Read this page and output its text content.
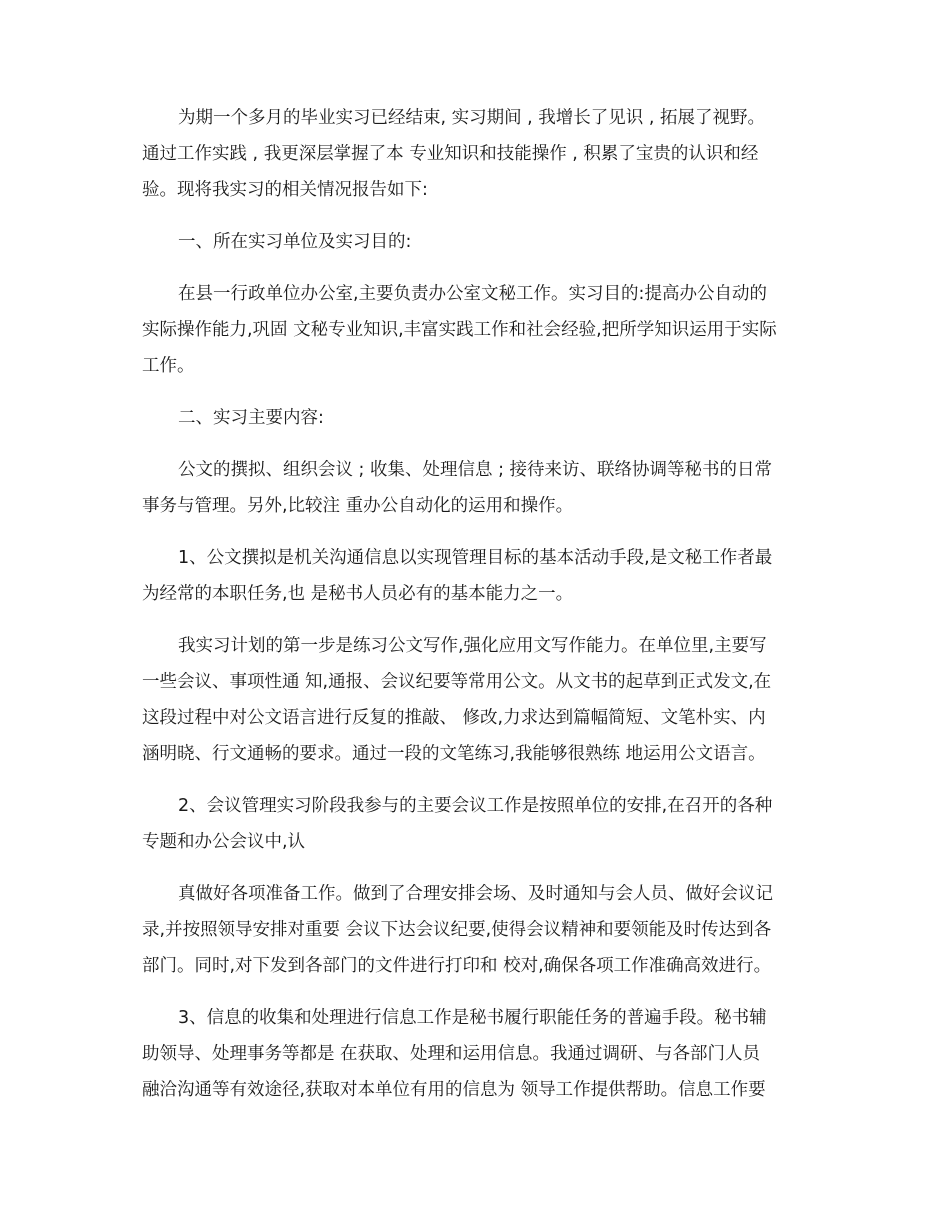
为期一个多月的毕业实习已经结束, 实习期间 , 我增长了见识 , 拓展了视野。
通过工作实践 , 我更深层掌握了本 专业知识和技能操作 , 积累了宝贵的认识和经
验。现将我实习的相关情况报告如下:
一、所在实习单位及实习目的:
在县一行政单位办公室,主要负责办公室文秘工作。实习目的:提高办公自动的
实际操作能力,巩固 文秘专业知识,丰富实践工作和社会经验,把所学知识运用于实际
工作。
二、实习主要内容:
公文的撰拟、组织会议 ; 收集、处理信息 ; 接待来访、联络协调等秘书的日常
事务与管理。另外,比较注 重办公自动化的运用和操作。
1、公文撰拟是机关沟通信息以实现管理目标的基本活动手段,是文秘工作者最
为经常的本职任务,也 是秘书人员必有的基本能力之一。
我实习计划的第一步是练习公文写作,强化应用文写作能力。在单位里,主要写
一些会议、事项性通 知,通报、会议纪要等常用公文。从文书的起草到正式发文,在
这段过程中对公文语言进行反复的推敲、 修改,力求达到篇幅简短、文笔朴实、内
涵明晓、行文通畅的要求。通过一段的文笔练习,我能够很熟练 地运用公文语言。
2、会议管理实习阶段我参与的主要会议工作是按照单位的安排,在召开的各种
专题和办公会议中,认
真做好各项准备工作。做到了合理安排会场、及时通知与会人员、做好会议记
录,并按照领导安排对重要 会议下达会议纪要,使得会议精神和要领能及时传达到各
部门。同时,对下发到各部门的文件进行打印和 校对,确保各项工作准确高效进行。
3、信息的收集和处理进行信息工作是秘书履行职能任务的普遍手段。秘书辅
助领导、处理事务等都是 在获取、处理和运用信息。我通过调研、与各部门人员
融洽沟通等有效途径,获取对本单位有用的信息为 领导工作提供帮助。信息工作要
